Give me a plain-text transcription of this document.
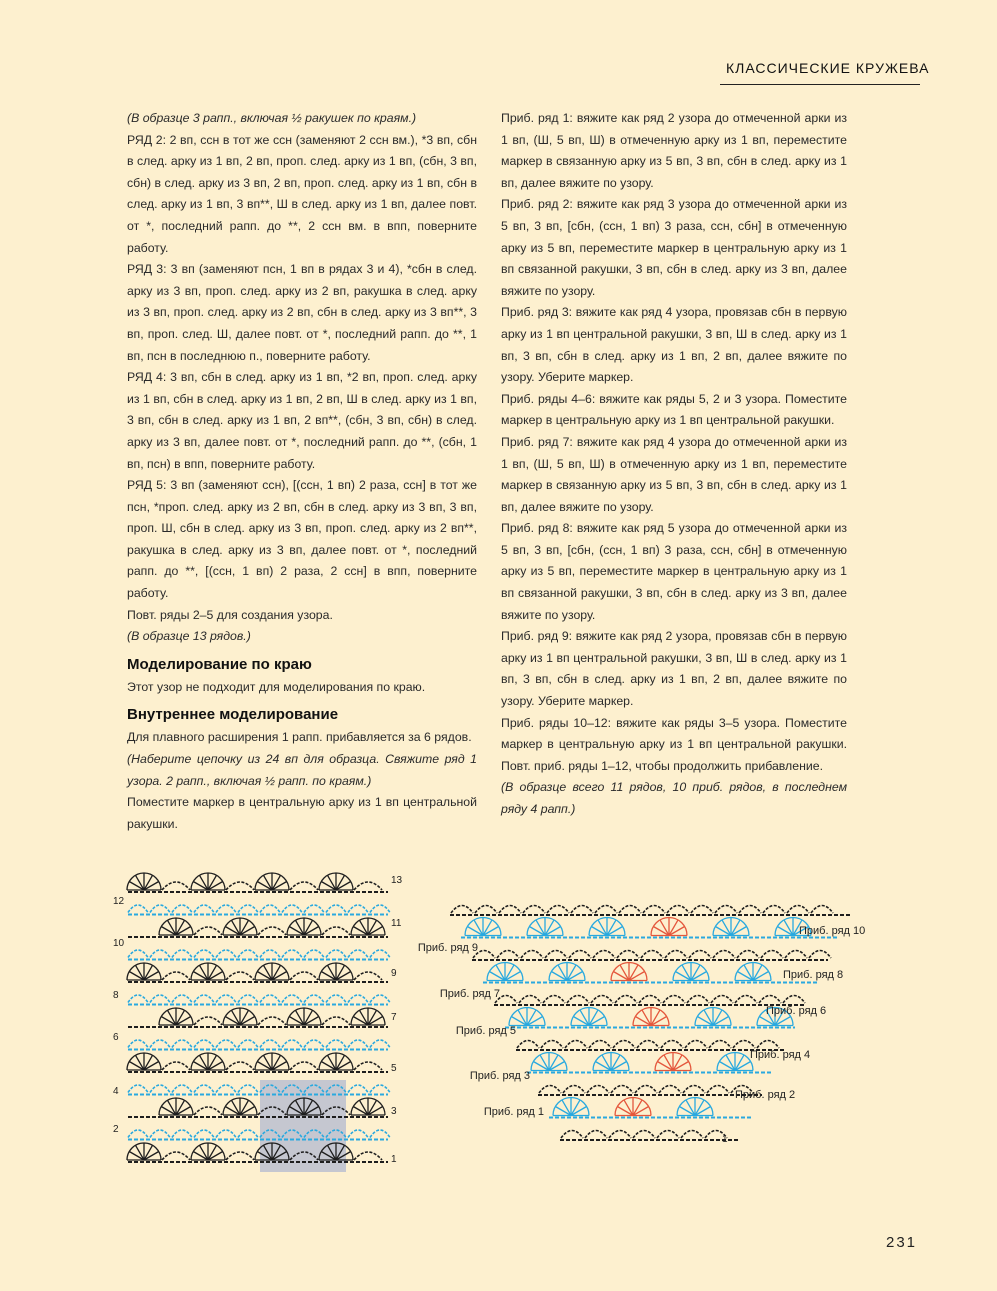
КЛАССИЧЕСКИЕ КРУЖЕВА

(В образце 3 рапп., включая ½ ракушек по краям.)

РЯД 2: 2 вп, ссн в тот же ссн (заменяют 2 ссн вм.), *3 вп, сбн в след. арку из 1 вп, 2 вп, проп. след. арку из 1 вп, (сбн, 3 вп, сбн) в след. арку из 3 вп, 2 вп, проп. след. арку из 1 вп, сбн в след. арку из 1 вп, 3 вп**, Ш в след. арку из 1 вп, далее повт. от *, последний рапп. до **, 2 ссн вм. в впп, поверните работу.

РЯД 3: 3 вп (заменяют псн, 1 вп в рядах 3 и 4), *сбн в след. арку из 3 вп, проп. след. арку из 2 вп, ракушка в след. арку из 3 вп, проп. след. арку из 2 вп, сбн в след. арку из 3 вп**, 3 вп, проп. след. Ш, далее повт. от *, последний рапп. до **, 1 вп, псн в последнюю п., поверните работу.

РЯД 4: 3 вп, сбн в след. арку из 1 вп, *2 вп, проп. след. арку из 1 вп, сбн в след. арку из 1 вп, 2 вп, Ш в след. арку из 1 вп, 3 вп, сбн в след. арку из 1 вп, 2 вп**, (сбн, 3 вп, сбн) в след. арку из 3 вп, далее повт. от *, последний рапп. до **, (сбн, 1 вп, псн) в впп, поверните работу.

РЯД 5: 3 вп (заменяют ссн), [(ссн, 1 вп) 2 раза, ссн] в тот же псн, *проп. след. арку из 2 вп, сбн в след. арку из 3 вп, 3 вп, проп. Ш, сбн в след. арку из 3 вп, проп. след. арку из 2 вп**, ракушка в след. арку из 3 вп, далее повт. от *, последний рапп. до **, [(ссн, 1 вп) 2 раза, 2 ссн] в впп, поверните работу.

Повт. ряды 2–5 для создания узора.

(В образце 13 рядов.)

Моделирование по краю

Этот узор не подходит для моделирования по краю.

Внутреннее моделирование

Для плавного расширения 1 рапп. прибавляется за 6 рядов.

(Наберите цепочку из 24 вп для образца. Свяжите ряд 1 узора. 2 рапп., включая ½ рапп. по краям.)

Поместите маркер в центральную арку из 1 вп центральной ракушки.

Приб. ряд 1: вяжите как ряд 2 узора до отмеченной арки из 1 вп, (Ш, 5 вп, Ш) в отмеченную арку из 1 вп, переместите маркер в связанную арку из 5 вп, 3 вп, сбн в след. арку из 1 вп, далее вяжите по узору.

Приб. ряд 2: вяжите как ряд 3 узора до отмеченной арки из 5 вп, 3 вп, [сбн, (ссн, 1 вп) 3 раза, ссн, сбн] в отмеченную арку из 5 вп, переместите маркер в центральную арку из 1 вп связанной ракушки, 3 вп, сбн в след. арку из 3 вп, далее вяжите по узору.

Приб. ряд 3: вяжите как ряд 4 узора, провязав сбн в первую арку из 1 вп центральной ракушки, 3 вп, Ш в след. арку из 1 вп, 3 вп, сбн в след. арку из 1 вп, 2 вп, далее вяжите по узору. Уберите маркер.

Приб. ряды 4–6: вяжите как ряды 5, 2 и 3 узора. Поместите маркер в центральную арку из 1 вп центральной ракушки.

Приб. ряд 7: вяжите как ряд 4 узора до отмеченной арки из 1 вп, (Ш, 5 вп, Ш) в отмеченную арку из 1 вп, переместите маркер в связанную арку из 5 вп, 3 вп, сбн в след. арку из 1 вп, далее вяжите по узору.

Приб. ряд 8: вяжите как ряд 5 узора до отмеченной арки из 5 вп, 3 вп, [сбн, (ссн, 1 вп) 3 раза, ссн, сбн] в отмеченную арку из 5 вп, переместите маркер в центральную арку из 1 вп связанной ракушки, 3 вп, сбн в след. арку из 3 вп, далее вяжите по узору.

Приб. ряд 9: вяжите как ряд 2 узора, провязав сбн в первую арку из 1 вп центральной ракушки, 3 вп, Ш в след. арку из 1 вп, 3 вп, сбн в след. арку из 1 вп, 2 вп, далее вяжите по узору. Уберите маркер.

Приб. ряды 10–12: вяжите как ряды 3–5 узора. Поместите маркер в центральную арку из 1 вп центральной ракушки. Повт. приб. ряды 1–12, чтобы продолжить прибавление.

(В образце всего 11 рядов, 10 приб. рядов, в последнем ряду 4 рапп.)

12
10
8
6
4
2
13
11
9
7
5
3
1
Приб. ряд 9
Приб. ряд 7
Приб. ряд 5
Приб. ряд 3
Приб. ряд 1
Приб. ряд 10
Приб. ряд 8
Приб. ряд 6
Приб. ряд 4
Приб. ряд 2
1
231
